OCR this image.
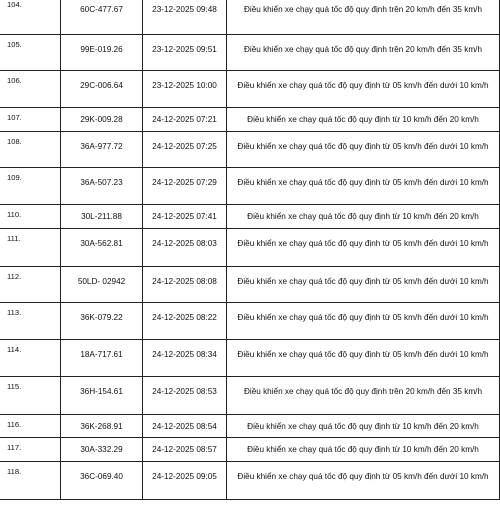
104.	60C-477.67	23-12-2025 09:48	Điều khiển xe chạy quá tốc độ quy định trên 20 km/h đến 35 km/h
105.	99E-019.26	23-12-2025 09:51	Điều khiển xe chạy quá tốc độ quy định trên 20 km/h đến 35 km/h
106.	29C-006.64	23-12-2025 10:00	Điều khiển xe chạy quá tốc độ quy định từ 05 km/h đến dưới 10 km/h
107.	29K-009.28	24-12-2025 07:21	Điều khiển xe chạy quá tốc độ quy định từ 10 km/h đến 20 km/h
108.	36A-977.72	24-12-2025 07:25	Điều khiển xe chạy quá tốc độ quy định từ 05 km/h đến dưới 10 km/h
109.	36A-507.23	24-12-2025 07:29	Điều khiển xe chạy quá tốc độ quy định từ 05 km/h đến dưới 10 km/h
110.	30L-211.88	24-12-2025 07:41	Điều khiển xe chạy quá tốc độ quy định từ 10 km/h đến 20 km/h
111.	30A-562.81	24-12-2025 08:03	Điều khiển xe chạy quá tốc độ quy định từ 05 km/h đến dưới 10 km/h
112.	50LD- 02942	24-12-2025 08:08	Điều khiển xe chạy quá tốc độ quy định từ 05 km/h đến dưới 10 km/h
113.	36K-079.22	24-12-2025 08:22	Điều khiển xe chạy quá tốc độ quy định từ 05 km/h đến dưới 10 km/h
114.	18A-717.61	24-12-2025 08:34	Điều khiển xe chạy quá tốc độ quy định từ 05 km/h đến dưới 10 km/h
115.	36H-154.61	24-12-2025 08:53	Điều khiển xe chạy quá tốc độ quy định trên 20 km/h đến 35 km/h
116.	36K-268.91	24-12-2025 08:54	Điều khiển xe chạy quá tốc độ quy định từ 10 km/h đến 20 km/h
117.	30A-332.29	24-12-2025 08:57	Điều khiển xe chạy quá tốc độ quy định từ 10 km/h đến 20 km/h
118.	36C-069.40	24-12-2025 09:05	Điều khiển xe chạy quá tốc độ quy định từ 05 km/h đến dưới 10 km/h
